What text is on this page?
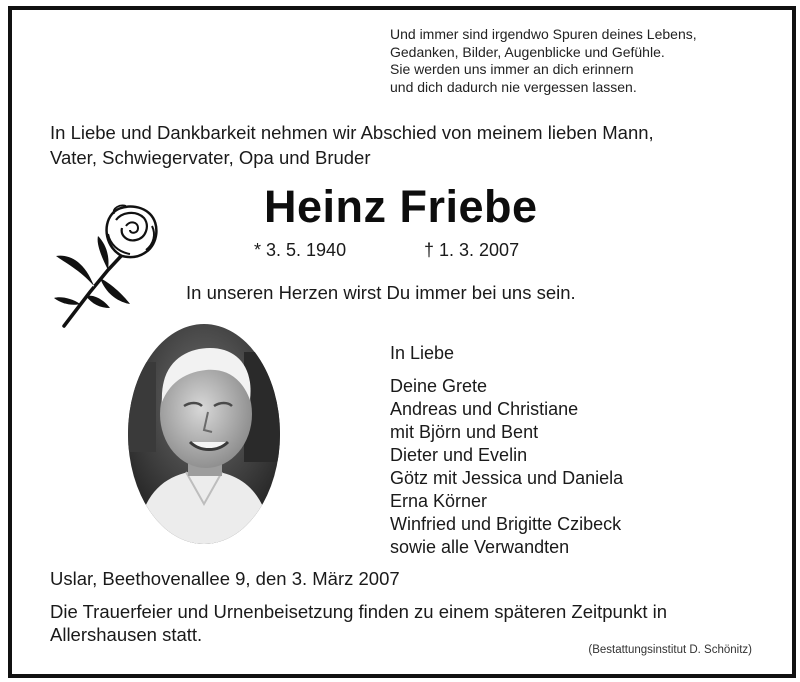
Und immer sind irgendwo Spuren deines Lebens,
Gedanken, Bilder, Augenblicke und Gefühle.
Sie werden uns immer an dich erinnern
und dich dadurch nie vergessen lassen.
In Liebe und Dankbarkeit nehmen wir Abschied von meinem lieben Mann,
Vater, Schwiegervater, Opa und Bruder
Heinz Friebe
* 3. 5. 1940	† 1. 3. 2007
In unseren Herzen wirst Du immer bei uns sein.
In Liebe
Deine Grete
Andreas und Christiane
mit Björn und Bent
Dieter und Evelin
Götz mit Jessica und Daniela
Erna Körner
Winfried und Brigitte Czibeck
sowie alle Verwandten
Uslar, Beethovenallee 9, den 3. März 2007
Die Trauerfeier und Urnenbeisetzung finden zu einem späteren Zeitpunkt in Allershausen statt.
(Bestattungsinstitut D. Schönitz)
